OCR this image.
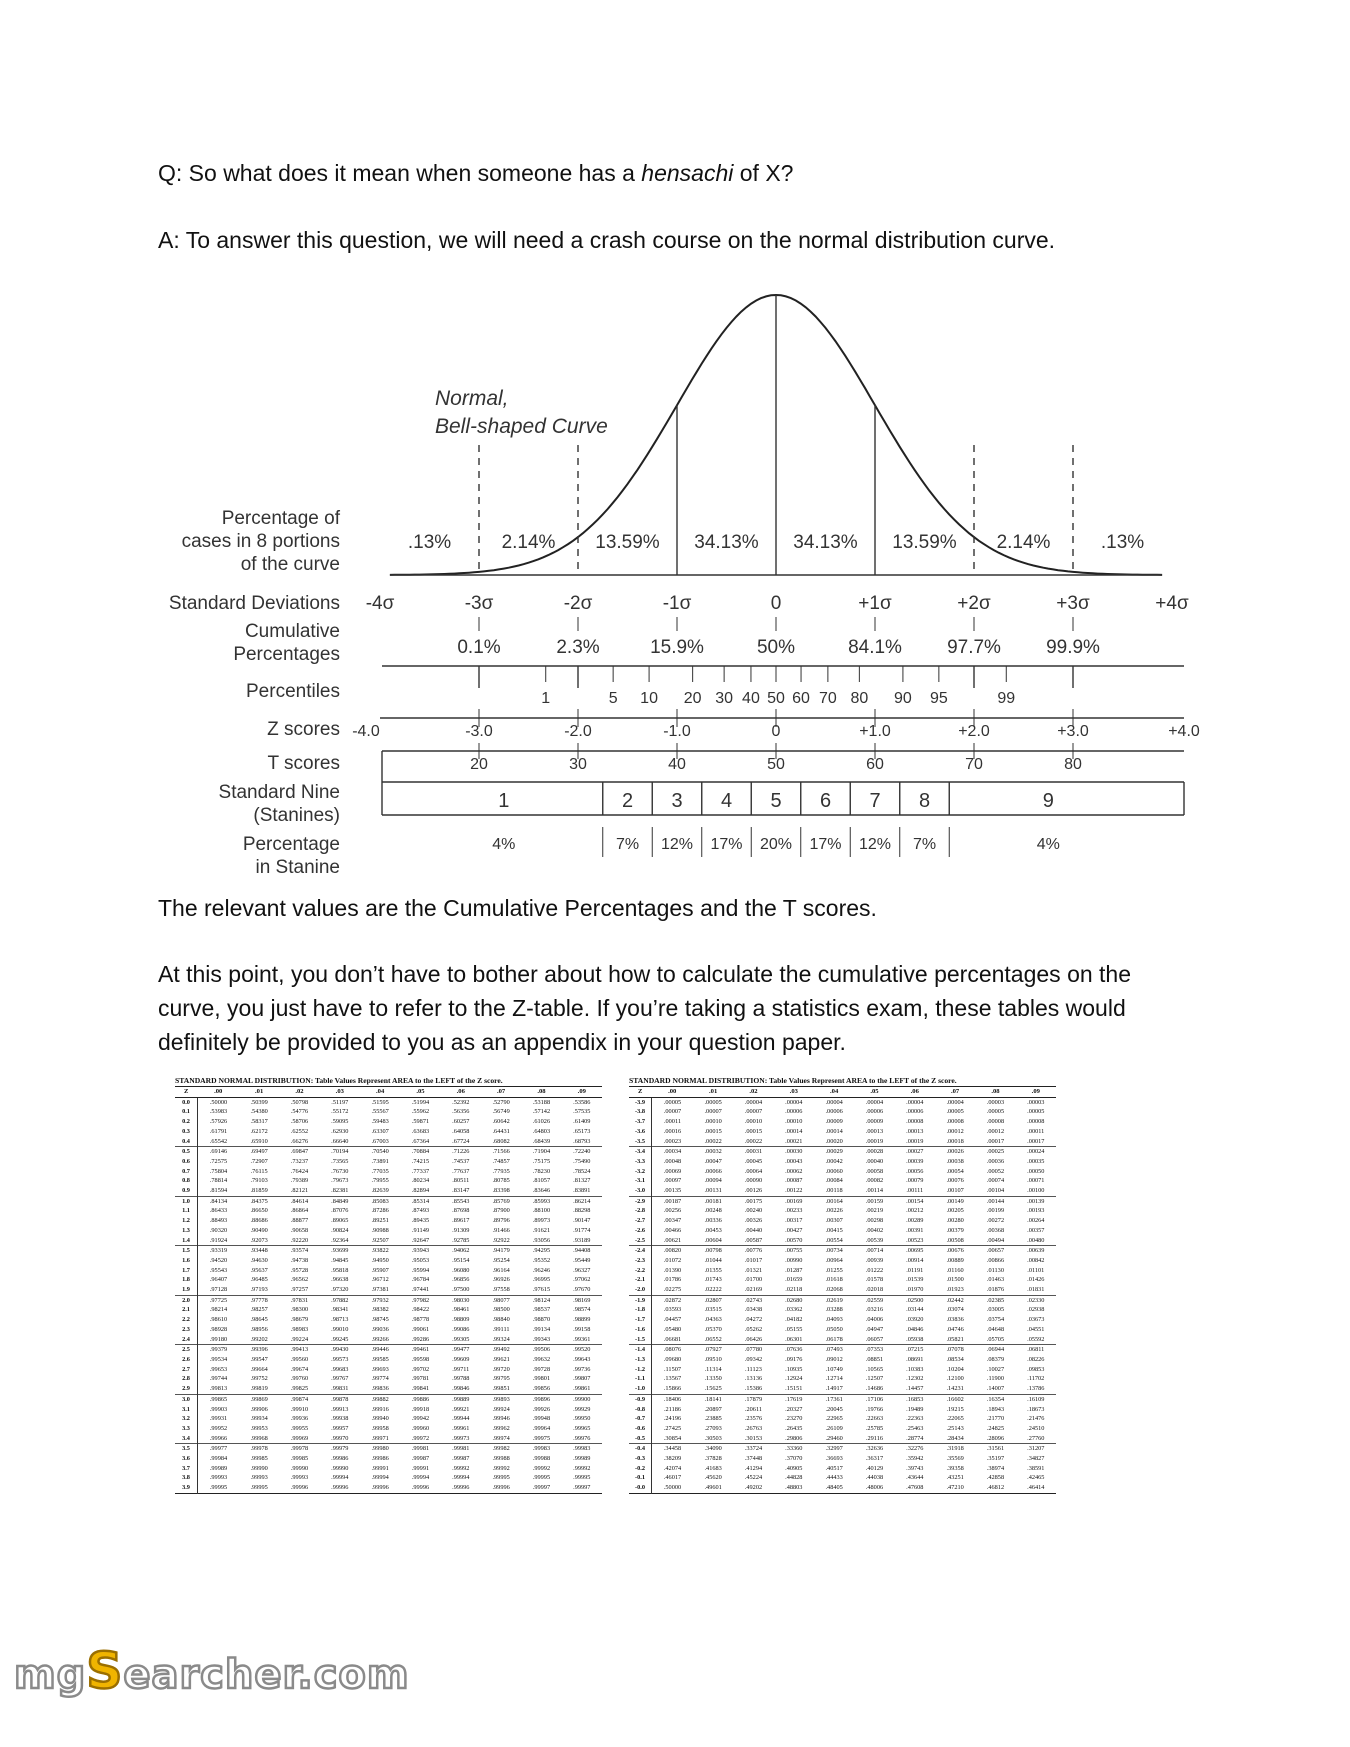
Q: So what does it mean when someone has a hensachi of X?
A: To answer this question, we will need a crash course on the normal distribution curve.
Normal,
Bell-shaped Curve
Percentage of
cases in 8 portions
of the curve
Standard Deviations
Cumulative
Percentages
Percentiles
Z scores
T scores
Standard Nine
(Stanines)
Percentage
in Stanine
.13%	2.14% 13.59% 34.13% 34.13% 13.59% 2.14%	.13%
-4σ	-3σ	-2σ	-1σ	0	+1σ	+2σ	+3σ	+4σ
0.1%	2.3%	15.9%	50%	84.1% 97.7% 99.9%
1	5 10 20 30 40 50 60 70 80 90 95	99
-4.0	-3.0	-2.0	-1.0	0	+1.0	+2.0	+3.0	+4.0
20	30	40	50	60	70	80
1	2 3 4 5 6 7 8	9
4%	7% 12% 17% 20% 17% 12% 7%	4%
The relevant values are the Cumulative Percentages and the T scores.
At this point, you don’t have to bother about how to calculate the cumulative percentages on the curve, you just have to refer to the Z-table. If you’re taking a statistics exam, these tables would definitely be provided to you as an appendix in your question paper.
STANDARD NORMAL DISTRIBUTION: Table Values Represent AREA to the LEFT of the Z score.
Z	.00	.01	.02	.03	.04	.05	.06	.07	.08	.09
0.0	.50000	.50399	.50798	.51197	.51595	.51994	.52392	.52790	.53188	.53586
0.1	.53983	.54380	.54776	.55172	.55567	.55962	.56356	.56749	.57142	.57535
0.2	.57926	.58317	.58706	.59095	.59483	.59871	.60257	.60642	.61026	.61409
0.3	.61791	.62172	.62552	.62930	.63307	.63683	.64058	.64431	.64803	.65173
0.4	.65542	.65910	.66276	.66640	.67003	.67364	.67724	.68082	.68439	.68793
0.5	.69146	.69497	.69847	.70194	.70540	.70884	.71226	.71566	.71904	.72240
0.6	.72575	.72907	.73237	.73565	.73891	.74215	.74537	.74857	.75175	.75490
0.7	.75804	.76115	.76424	.76730	.77035	.77337	.77637	.77935	.78230	.78524
0.8	.78814	.79103	.79389	.79673	.79955	.80234	.80511	.80785	.81057	.81327
0.9	.81594	.81859	.82121	.82381	.82639	.82894	.83147	.83398	.83646	.83891
1.0	.84134	.84375	.84614	.84849	.85083	.85314	.85543	.85769	.85993	.86214
1.1	.86433	.86650	.86864	.87076	.87286	.87493	.87698	.87900	.88100	.88298
1.2	.88493	.88686	.88877	.89065	.89251	.89435	.89617	.89796	.89973	.90147
1.3	.90320	.90490	.90658	.90824	.90988	.91149	.91309	.91466	.91621	.91774
1.4	.91924	.92073	.92220	.92364	.92507	.92647	.92785	.92922	.93056	.93189
1.5	.93319	.93448	.93574	.93699	.93822	.93943	.94062	.94179	.94295	.94408
1.6	.94520	.94630	.94738	.94845	.94950	.95053	.95154	.95254	.95352	.95449
1.7	.95543	.95637	.95728	.95818	.95907	.95994	.96080	.96164	.96246	.96327
1.8	.96407	.96485	.96562	.96638	.96712	.96784	.96856	.96926	.96995	.97062
1.9	.97128	.97193	.97257	.97320	.97381	.97441	.97500	.97558	.97615	.97670
2.0	.97725	.97778	.97831	.97882	.97932	.97982	.98030	.98077	.98124	.98169
2.1	.98214	.98257	.98300	.98341	.98382	.98422	.98461	.98500	.98537	.98574
2.2	.98610	.98645	.98679	.98713	.98745	.98778	.98809	.98840	.98870	.98899
2.3	.98928	.98956	.98983	.99010	.99036	.99061	.99086	.99111	.99134	.99158
2.4	.99180	.99202	.99224	.99245	.99266	.99286	.99305	.99324	.99343	.99361
2.5	.99379	.99396	.99413	.99430	.99446	.99461	.99477	.99492	.99506	.99520
2.6	.99534	.99547	.99560	.99573	.99585	.99598	.99609	.99621	.99632	.99643
2.7	.99653	.99664	.99674	.99683	.99693	.99702	.99711	.99720	.99728	.99736
2.8	.99744	.99752	.99760	.99767	.99774	.99781	.99788	.99795	.99801	.99807
2.9	.99813	.99819	.99825	.99831	.99836	.99841	.99846	.99851	.99856	.99861
3.0	.99865	.99869	.99874	.99878	.99882	.99886	.99889	.99893	.99896	.99900
3.1	.99903	.99906	.99910	.99913	.99916	.99918	.99921	.99924	.99926	.99929
3.2	.99931	.99934	.99936	.99938	.99940	.99942	.99944	.99946	.99948	.99950
3.3	.99952	.99953	.99955	.99957	.99958	.99960	.99961	.99962	.99964	.99965
3.4	.99966	.99968	.99969	.99970	.99971	.99972	.99973	.99974	.99975	.99976
3.5	.99977	.99978	.99978	.99979	.99980	.99981	.99981	.99982	.99983	.99983
3.6	.99984	.99985	.99985	.99986	.99986	.99987	.99987	.99988	.99988	.99989
3.7	.99989	.99990	.99990	.99990	.99991	.99991	.99992	.99992	.99992	.99992
3.8	.99993	.99993	.99993	.99994	.99994	.99994	.99994	.99995	.99995	.99995
3.9	.99995	.99995	.99996	.99996	.99996	.99996	.99996	.99996	.99997	.99997
STANDARD NORMAL DISTRIBUTION: Table Values Represent AREA to the LEFT of the Z score.
Z	.00	.01	.02	.03	.04	.05	.06	.07	.08	.09
-3.9	.00005	.00005	.00004	.00004	.00004	.00004	.00004	.00004	.00003	.00003
-3.8	.00007	.00007	.00007	.00006	.00006	.00006	.00006	.00005	.00005	.00005
-3.7	.00011	.00010	.00010	.00010	.00009	.00009	.00008	.00008	.00008	.00008
-3.6	.00016	.00015	.00015	.00014	.00014	.00013	.00013	.00012	.00012	.00011
-3.5	.00023	.00022	.00022	.00021	.00020	.00019	.00019	.00018	.00017	.00017
-3.4	.00034	.00032	.00031	.00030	.00029	.00028	.00027	.00026	.00025	.00024
-3.3	.00048	.00047	.00045	.00043	.00042	.00040	.00039	.00038	.00036	.00035
-3.2	.00069	.00066	.00064	.00062	.00060	.00058	.00056	.00054	.00052	.00050
-3.1	.00097	.00094	.00090	.00087	.00084	.00082	.00079	.00076	.00074	.00071
-3.0	.00135	.00131	.00126	.00122	.00118	.00114	.00111	.00107	.00104	.00100
-2.9	.00187	.00181	.00175	.00169	.00164	.00159	.00154	.00149	.00144	.00139
-2.8	.00256	.00248	.00240	.00233	.00226	.00219	.00212	.00205	.00199	.00193
-2.7	.00347	.00336	.00326	.00317	.00307	.00298	.00289	.00280	.00272	.00264
-2.6	.00466	.00453	.00440	.00427	.00415	.00402	.00391	.00379	.00368	.00357
-2.5	.00621	.00604	.00587	.00570	.00554	.00539	.00523	.00508	.00494	.00480
-2.4	.00820	.00798	.00776	.00755	.00734	.00714	.00695	.00676	.00657	.00639
-2.3	.01072	.01044	.01017	.00990	.00964	.00939	.00914	.00889	.00866	.00842
-2.2	.01390	.01355	.01321	.01287	.01255	.01222	.01191	.01160	.01130	.01101
-2.1	.01786	.01743	.01700	.01659	.01618	.01578	.01539	.01500	.01463	.01426
-2.0	.02275	.02222	.02169	.02118	.02068	.02018	.01970	.01923	.01876	.01831
-1.9	.02872	.02807	.02743	.02680	.02619	.02559	.02500	.02442	.02385	.02330
-1.8	.03593	.03515	.03438	.03362	.03288	.03216	.03144	.03074	.03005	.02938
-1.7	.04457	.04363	.04272	.04182	.04093	.04006	.03920	.03836	.03754	.03673
-1.6	.05480	.05370	.05262	.05155	.05050	.04947	.04846	.04746	.04648	.04551
-1.5	.06681	.06552	.06426	.06301	.06178	.06057	.05938	.05821	.05705	.05592
-1.4	.08076	.07927	.07780	.07636	.07493	.07353	.07215	.07078	.06944	.06811
-1.3	.09680	.09510	.09342	.09176	.09012	.08851	.08691	.08534	.08379	.08226
-1.2	.11507	.11314	.11123	.10935	.10749	.10565	.10383	.10204	.10027	.09853
-1.1	.13567	.13350	.13136	.12924	.12714	.12507	.12302	.12100	.11900	.11702
-1.0	.15866	.15625	.15386	.15151	.14917	.14686	.14457	.14231	.14007	.13786
-0.9	.18406	.18141	.17879	.17619	.17361	.17106	.16853	.16602	.16354	.16109
-0.8	.21186	.20897	.20611	.20327	.20045	.19766	.19489	.19215	.18943	.18673
-0.7	.24196	.23885	.23576	.23270	.22965	.22663	.22363	.22065	.21770	.21476
-0.6	.27425	.27093	.26763	.26435	.26109	.25785	.25463	.25143	.24825	.24510
-0.5	.30854	.30503	.30153	.29806	.29460	.29116	.28774	.28434	.28096	.27760
-0.4	.34458	.34090	.33724	.33360	.32997	.32636	.32276	.31918	.31561	.31207
-0.3	.38209	.37828	.37448	.37070	.36693	.36317	.35942	.35569	.35197	.34827
-0.2	.42074	.41683	.41294	.40905	.40517	.40129	.39743	.39358	.38974	.38591
-0.1	.46017	.45620	.45224	.44828	.44433	.44038	.43644	.43251	.42858	.42465
-0.0	.50000	.49601	.49202	.48803	.48405	.48006	.47608	.47210	.46812	.46414
mgSearcher.com
